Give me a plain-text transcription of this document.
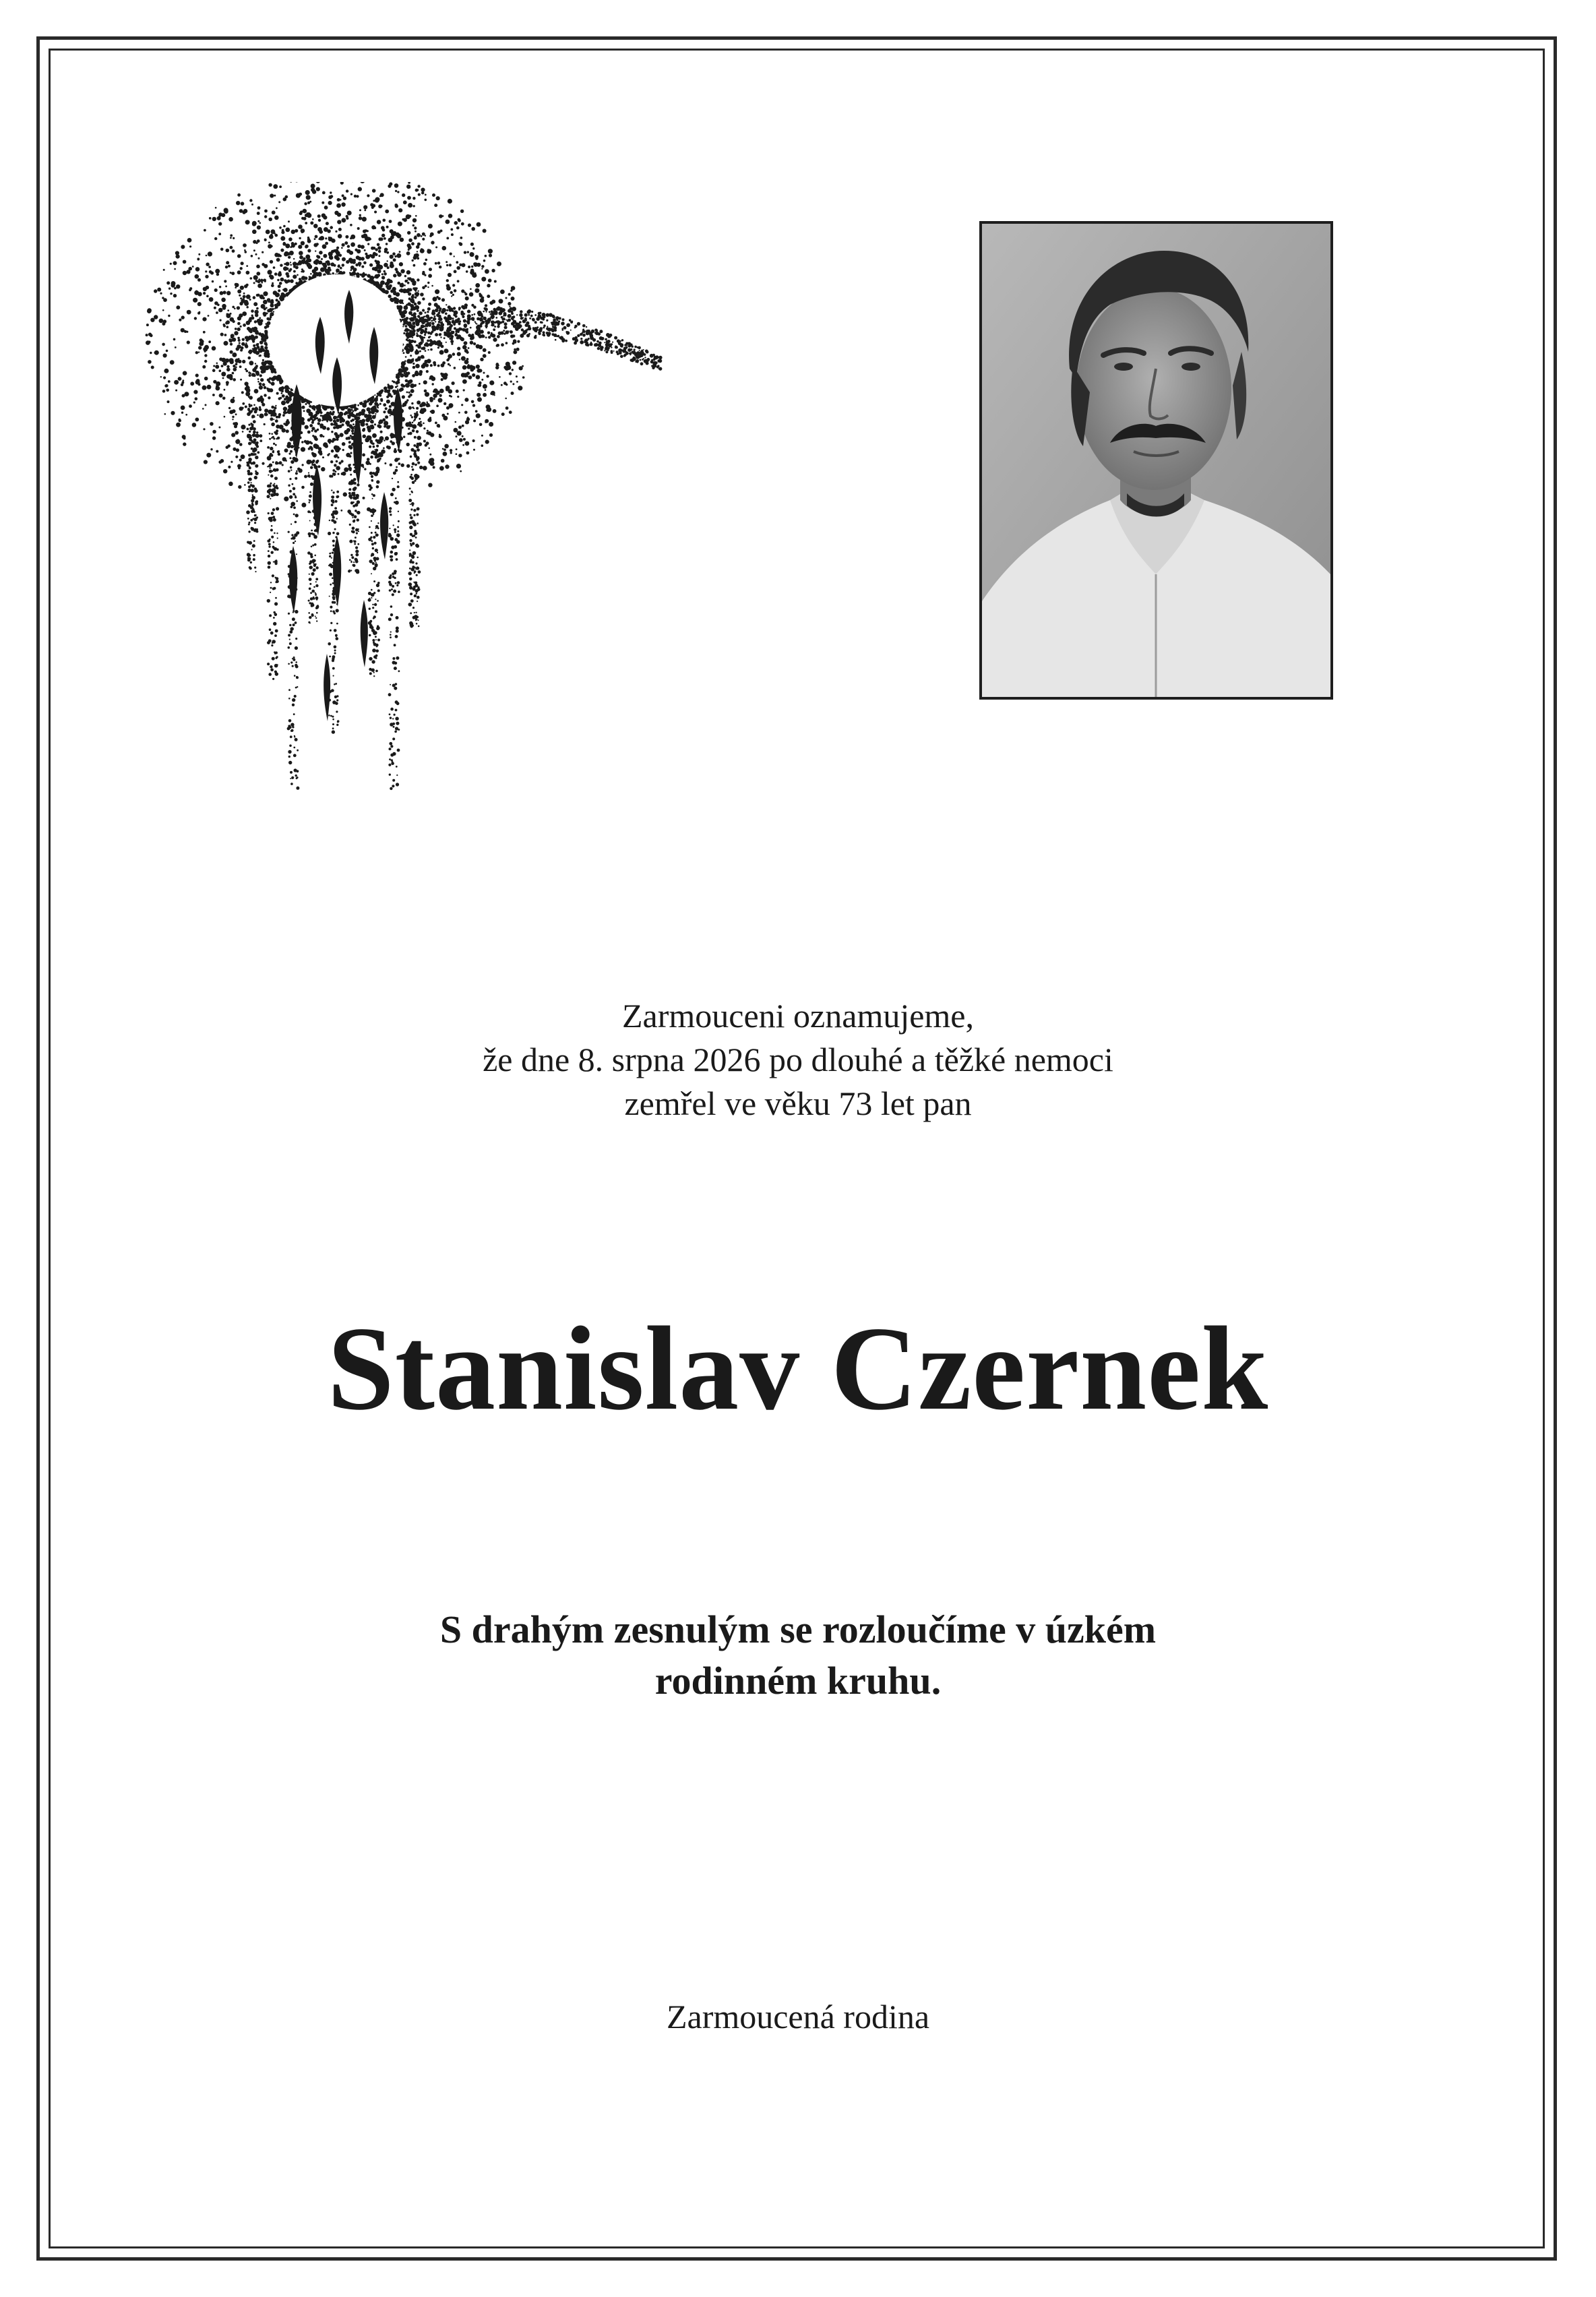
Zarmouceni oznamujeme,
že dne 8. srpna 2026 po dlouhé a těžké nemoci
zemřel ve věku 73 let pan
Stanislav Czernek
S drahým zesnulým se rozloučíme v úzkém
rodinném kruhu.
Zarmoucená rodina
